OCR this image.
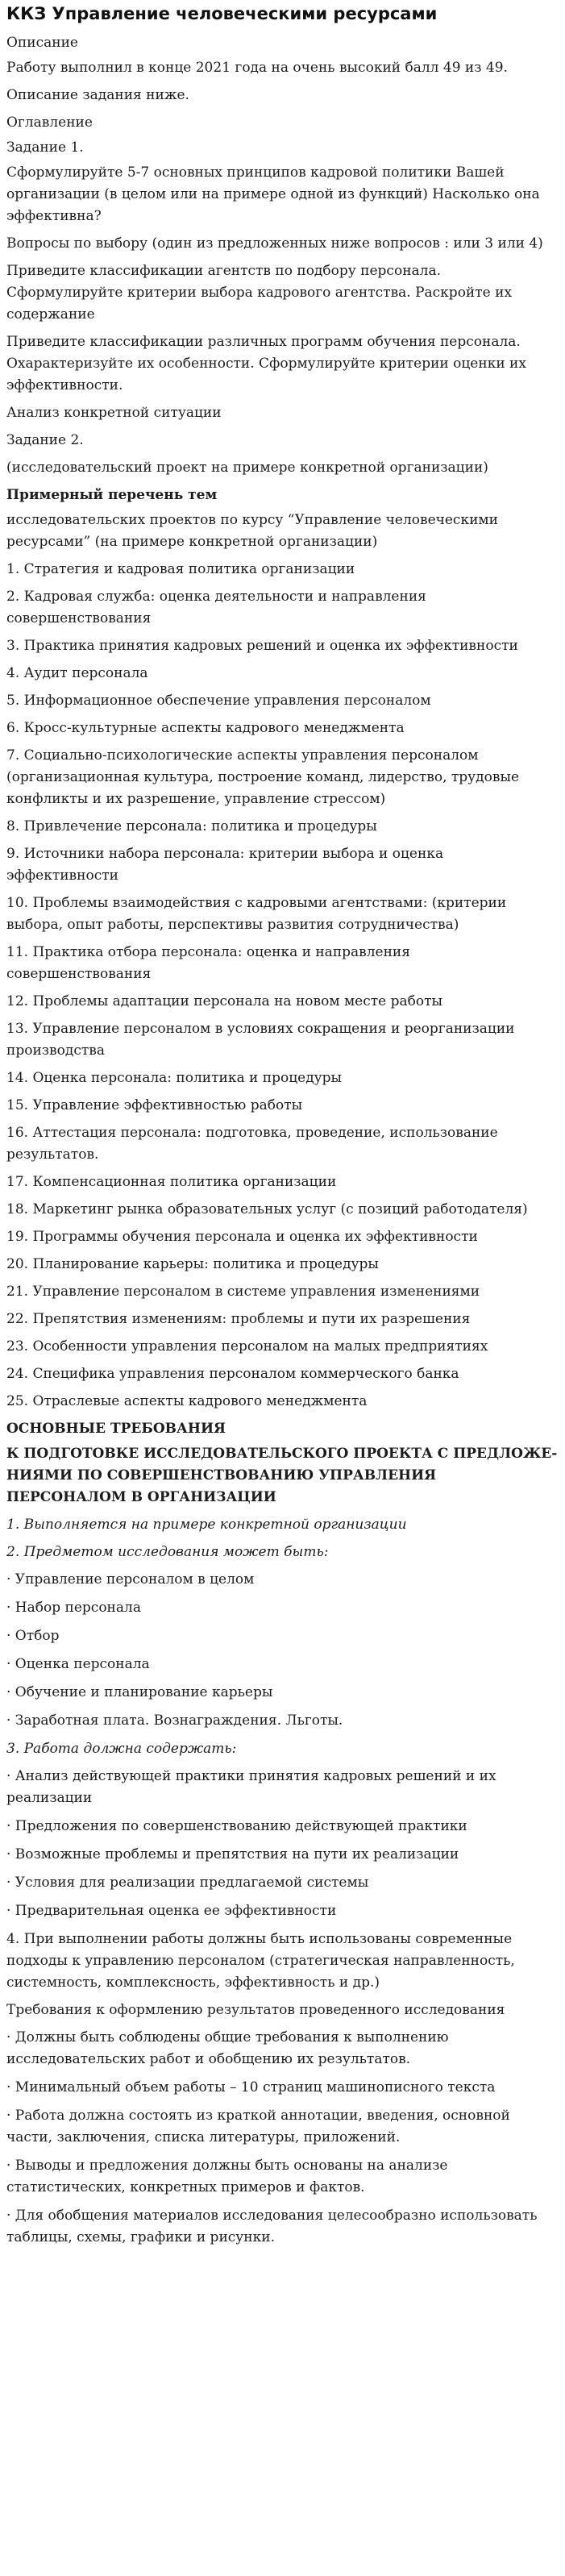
ККЗ Управление человеческими ресурсами
Описание
Работу выполнил в конце 2021 года на очень высокий балл 49 из 49.
Описание задания ниже.
Оглавление
Задание 1.
Сформулируйте 5-7 основных принципов кадровой политики Вашей организации (в целом или на примере одной из функций) Насколько она эффективна?
Вопросы по выбору (один из предложенных ниже вопросов : или 3 или 4)
Приведите классификации агентств по подбору персонала. Сформулируйте критерии выбора кадрового агентства. Раскройте их содержание
Приведите классификации различных программ обучения персонала. Охарактеризуйте их особенности. Сформулируйте критерии оценки их эффективности.
Анализ конкретной ситуации
Задание 2.
(исследовательский проект на примере конкретной организации)
Примерный перечень тем
исследовательских проектов по курсу “Управление человеческими ресурсами” (на примере конкретной организации)
1. Стратегия и кадровая политика организации
2. Кадровая служба: оценка деятельности и направления совершенствования
3. Практика принятия кадровых решений и оценка их эффективности
4. Аудит персонала
5. Информационное обеспечение управления персоналом
6. Кросс-культурные аспекты кадрового менеджмента
7. Социально-психологические аспекты управления персоналом (организационная культура, построение команд, лидерство, трудовые конфликты и их разрешение, управление стрессом)
8. Привлечение персонала: политика и процедуры
9. Источники набора персонала: критерии выбора и оценка эффективности
10. Проблемы взаимодействия с кадровыми агентствами: (критерии выбора, опыт работы, перспективы развития сотрудничества)
11. Практика отбора персонала: оценка и направления совершенствования
12. Проблемы адаптации персонала на новом месте работы
13. Управление персоналом в условиях сокращения и реорганизации производства
14. Оценка персонала: политика и процедуры
15. Управление эффективностью работы
16. Аттестация персонала: подготовка, проведение, использование результатов.
17. Компенсационная политика организации
18. Маркетинг рынка образовательных услуг (с позиций работодателя)
19. Программы обучения персонала и оценка их эффективности
20. Планирование карьеры: политика и процедуры
21. Управление персоналом в системе управления изменениями
22. Препятствия изменениям: проблемы и пути их разрешения
23. Особенности управления персоналом на малых предприятиях
24. Специфика управления персоналом коммерческого банка
25. Отраслевые аспекты кадрового менеджмента
ОСНОВНЫЕ ТРЕБОВАНИЯ
К ПОДГОТОВКЕ ИССЛЕДОВАТЕЛЬСКОГО ПРОЕКТА С ПРЕДЛОЖЕ-НИЯМИ ПО СОВЕРШЕНСТВОВАНИЮ УПРАВЛЕНИЯ ПЕРСОНАЛОМ В ОРГАНИЗАЦИИ
1. Выполняется на примере конкретной организации
2. Предметом исследования может быть:
· Управление персоналом в целом
· Набор персонала
· Отбор
· Оценка персонала
· Обучение и планирование карьеры
· Заработная плата. Вознаграждения. Льготы.
3. Работа должна содержать:
· Анализ действующей практики принятия кадровых решений и их реализации
· Предложения по совершенствованию действующей практики
· Возможные проблемы и препятствия на пути их реализации
· Условия для реализации предлагаемой системы
· Предварительная оценка ее эффективности
4. При выполнении работы должны быть использованы современные подходы к управлению персоналом (стратегическая направленность, системность, комплексность, эффективность и др.)
Требования к оформлению результатов проведенного исследования
· Должны быть соблюдены общие требования к выполнению исследовательских работ и обобщению их результатов.
· Минимальный объем работы – 10 страниц машинописного текста
· Работа должна состоять из краткой аннотации, введения, основной части, заключения, списка литературы, приложений.
· Выводы и предложения должны быть основаны на анализе статистических, конкретных примеров и фактов.
· Для обобщения материалов исследования целесообразно использовать таблицы, схемы, графики и рисунки.
